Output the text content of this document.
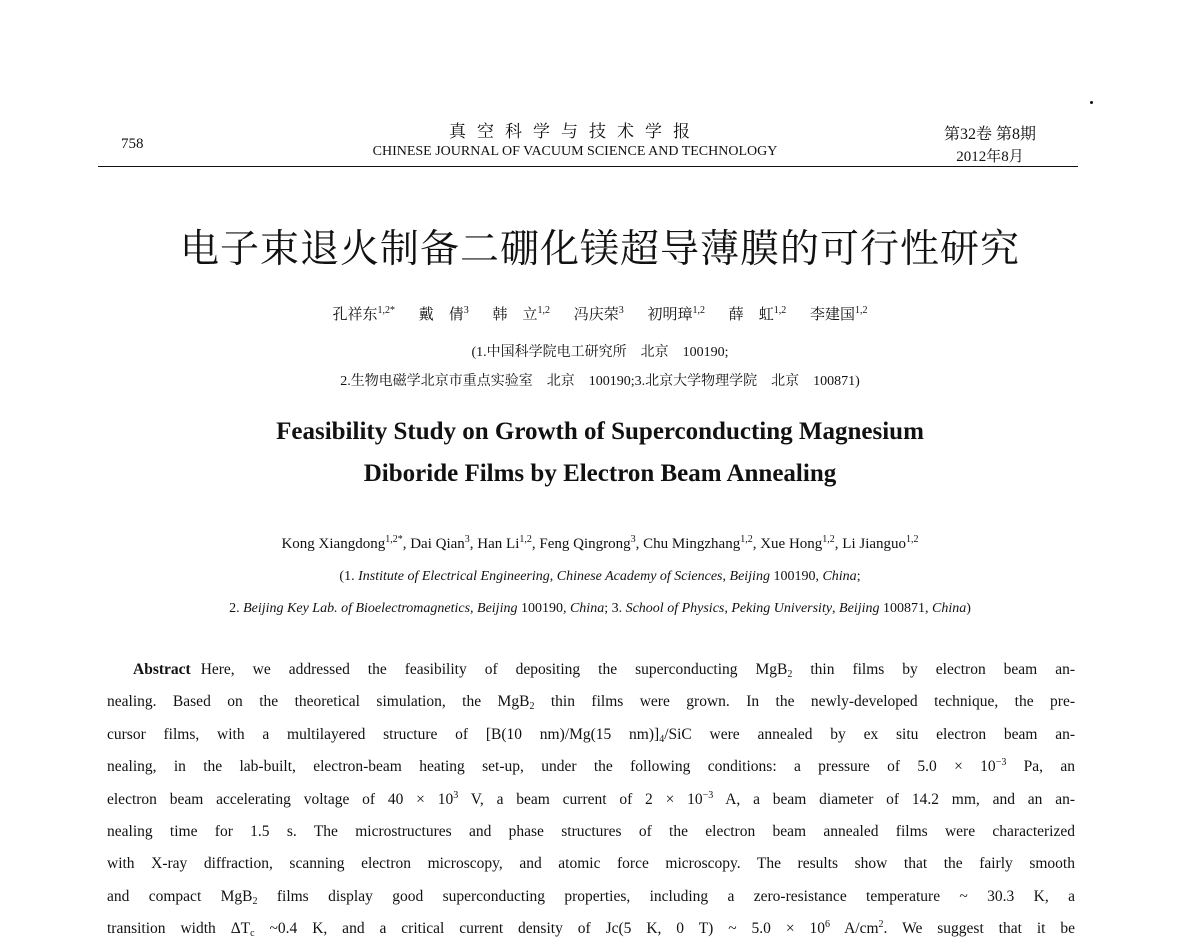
758
真空科学与技术学报
CHINESE JOURNAL OF VACUUM SCIENCE AND TECHNOLOGY
第32卷 第8期
2012年8月
电子束退火制备二硼化镁超导薄膜的可行性研究
孔祥东$^{1,2*}$ 戴　倩$^3$ 韩　立$^{1,2}$ 冯庆荣$^3$ 初明璋$^{1,2}$ 薛　虹$^{1,2}$ 李建国$^{1,2}$
(1.中国科学院电工研究所　北京　100190;
2.生物电磁学北京市重点实验室　北京　100190;3.北京大学物理学院　北京　100871)
Feasibility Study on Growth of Superconducting Magnesium
Diboride Films by Electron Beam Annealing
Kong Xiangdong$^{1,2*}$, Dai Qian$^3$, Han Li$^{1,2}$, Feng Qingrong$^3$, Chu Mingzhang$^{1,2}$, Xue Hong$^{1,2}$, Li Jianguo$^{1,2}$
(1. Institute of Electrical Engineering, Chinese Academy of Sciences, Beijing 100190, China;
2. Beijing Key Lab. of Bioelectromagnetics, Beijing 100190, China; 3. School of Physics, Peking University, Beijing 100871, China)
Abstract Here, we addressed the feasibility of depositing the superconducting MgB$_2$ thin films by electron beam an-
nealing. Based on the theoretical simulation, the MgB$_2$ thin films were grown. In the newly-developed technique, the pre-
cursor films, with a multilayered structure of [B(10 nm)/Mg(15 $nm)]_4$/SiC were annealed by ex situ electron beam an-
nealing, in the lab-built, electron-beam heating set-up, under the following conditions: a pressure of $5.0 \times 10^{-3}$ Pa, an
electron beam accelerating voltage of $40 \times 10^3$ V, a beam current of $2 \times 10^{-3}$ A, a beam diameter of 14.2 mm, and an an-
nealing time for 1.5 s. The microstructures and phase structures of the electron beam annealed films were characterized
with X-ray diffraction, scanning electron microscopy, and atomic force microscopy. The results show that the fairly smooth
and compact MgB$_2$ films display good superconducting properties, including a zero-resistance temperature ~ 30.3 K, a
transition width $\Delta T_c$ ~0.4 K, and a critical current density of Jc(5 K, 0 T) ~ $5.0 \times 10^6$ $A/cm^2$. We suggest that it be
